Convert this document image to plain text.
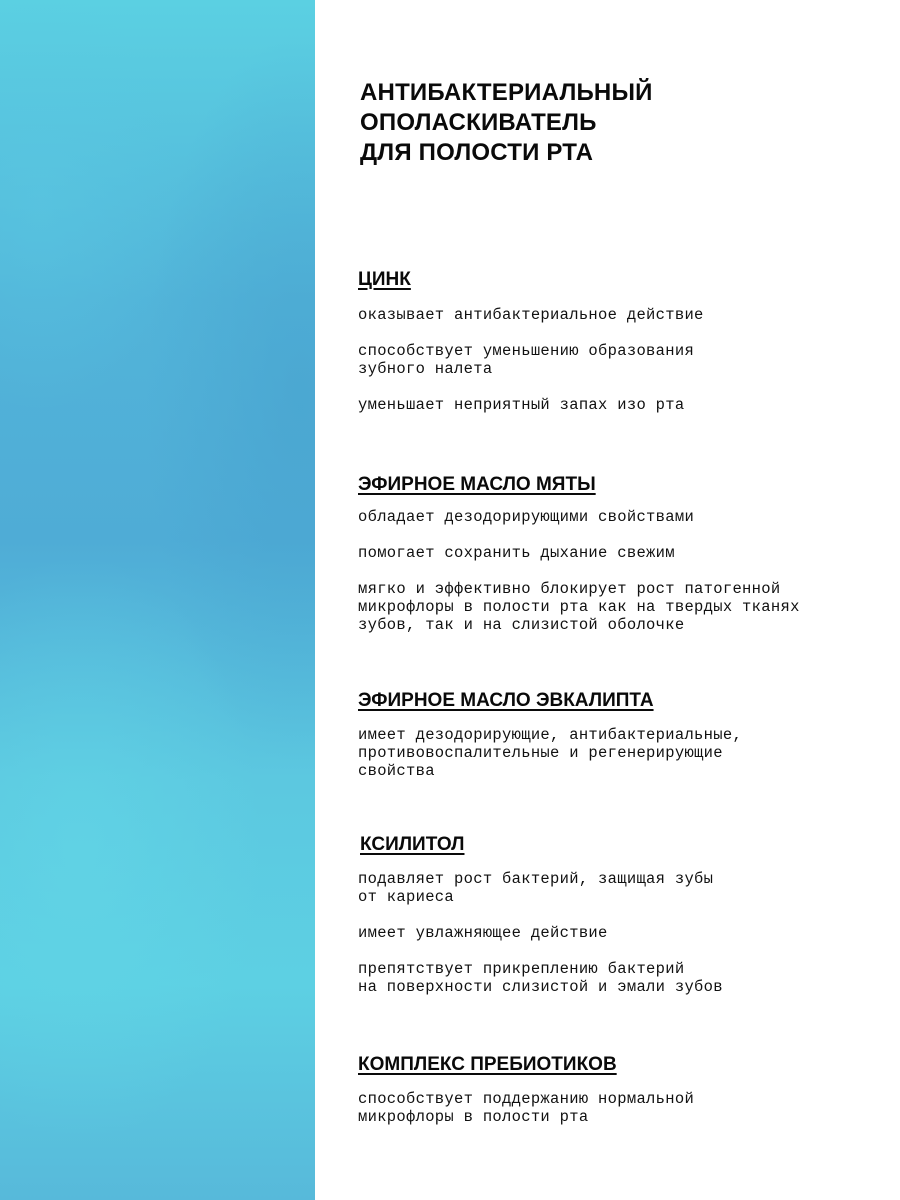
АНТИБАКТЕРИАЛЬНЫЙ
ОПОЛАСКИВАТЕЛЬ
ДЛЯ ПОЛОСТИ РТА
ЦИНК

оказывает антибактериальное действие

способствует уменьшению образования
зубного налета

уменьшает неприятный запах изо рта

ЭФИРНОЕ МАСЛО МЯТЫ

обладает дезодорирующими свойствами

помогает сохранить дыхание свежим

мягко и эффективно блокирует рост патогенной
микрофлоры в полости рта как на твердых тканях
зубов, так и на слизистой оболочке

ЭФИРНОЕ МАСЛО ЭВКАЛИПТА

имеет дезодорирующие, антибактериальные,
противовоспалительные и регенерирующие
свойства

КСИЛИТОЛ

подавляет рост бактерий, защищая зубы
от кариеса

имеет увлажняющее действие

препятствует прикреплению бактерий
на поверхности слизистой и эмали зубов

КОМПЛЕКС ПРЕБИОТИКОВ

способствует поддержанию нормальной
микрофлоры в полости рта
